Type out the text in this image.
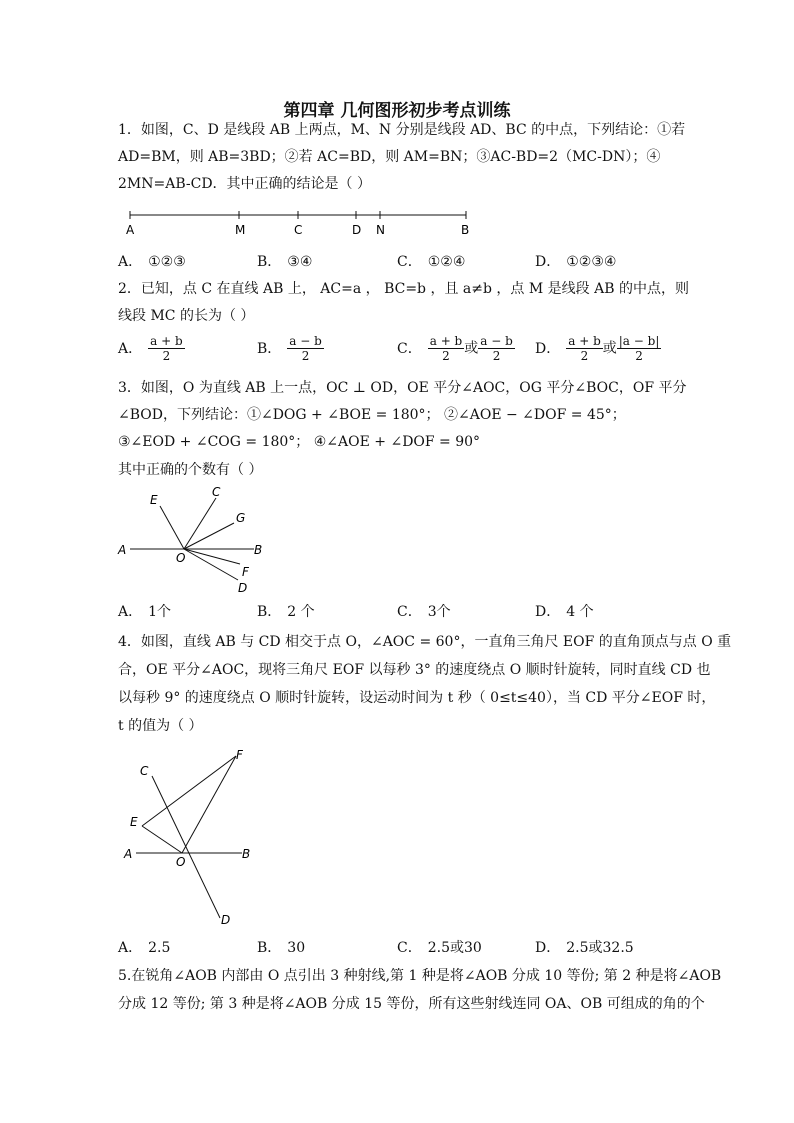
第四章 几何图形初步考点训练
1．如图，C、D 是线段 AB 上两点，M、N 分别是线段 AD、BC 的中点，下列结论：①若
AD=BM，则 AB=3BD；②若 AC=BD，则 AM=BN；③AC-BD=2（MC-DN）；④
2MN=AB-CD．其中正确的结论是（ ）
A	M	C	D N	B
A． ①②③	B． ③④	C． ①②④	D． ①②③④
2．已知，点 C 在直线 AB 上， AC=a ， BC=b ，且 a≠b ，点 M 是线段 AB 的中点，则
线段 MC 的长为（ ）
A． $\frac{a + b}{2}$	B． $\frac{a - b}{2}$	C． $\frac{a + b}{2}$ 或 $\frac{a - b}{2}$ D． $\frac{a + b}{2}$ 或 $\frac{|a - b|}{2}$
3．如图，O 为直线 AB 上一点，OC ⊥ OD，OE 平分∠AOC，OG 平分∠BOC，OF 平分
∠BOD，下列结论：①∠DOG + ∠BOE = 180°； ②∠AOE − ∠DOF = 45°；
③∠EOD + ∠COG = 180°； ④∠AOE + ∠DOF = 90°
其中正确的个数有（ ）
A	B
O
E
C
G
F
D
A． 1个	B． 2 个	C． 3个	D． 4 个
4．如图，直线 AB 与 CD 相交于点 O，∠AOC = 60°，一直角三角尺 EOF 的直角顶点与点 O 重
合，OE 平分∠AOC，现将三角尺 EOF 以每秒 3° 的速度绕点 O 顺时针旋转，同时直线 CD 也
以每秒 9° 的速度绕点 O 顺时针旋转，设运动时间为 t 秒（ 0≤t≤40），当 CD 平分∠EOF 时，
t 的值为（ ）
A	B
O
C
E
F
D
A． 2.5	B． 30	C． 2.5或30	D． 2.5或32.5
5.在锐角∠AOB 内部由 O 点引出 3 种射线,第 1 种是将∠AOB 分成 10 等份; 第 2 种是将∠AOB
分成 12 等份; 第 3 种是将∠AOB 分成 15 等份，所有这些射线连同 OA、OB 可组成的角的个
